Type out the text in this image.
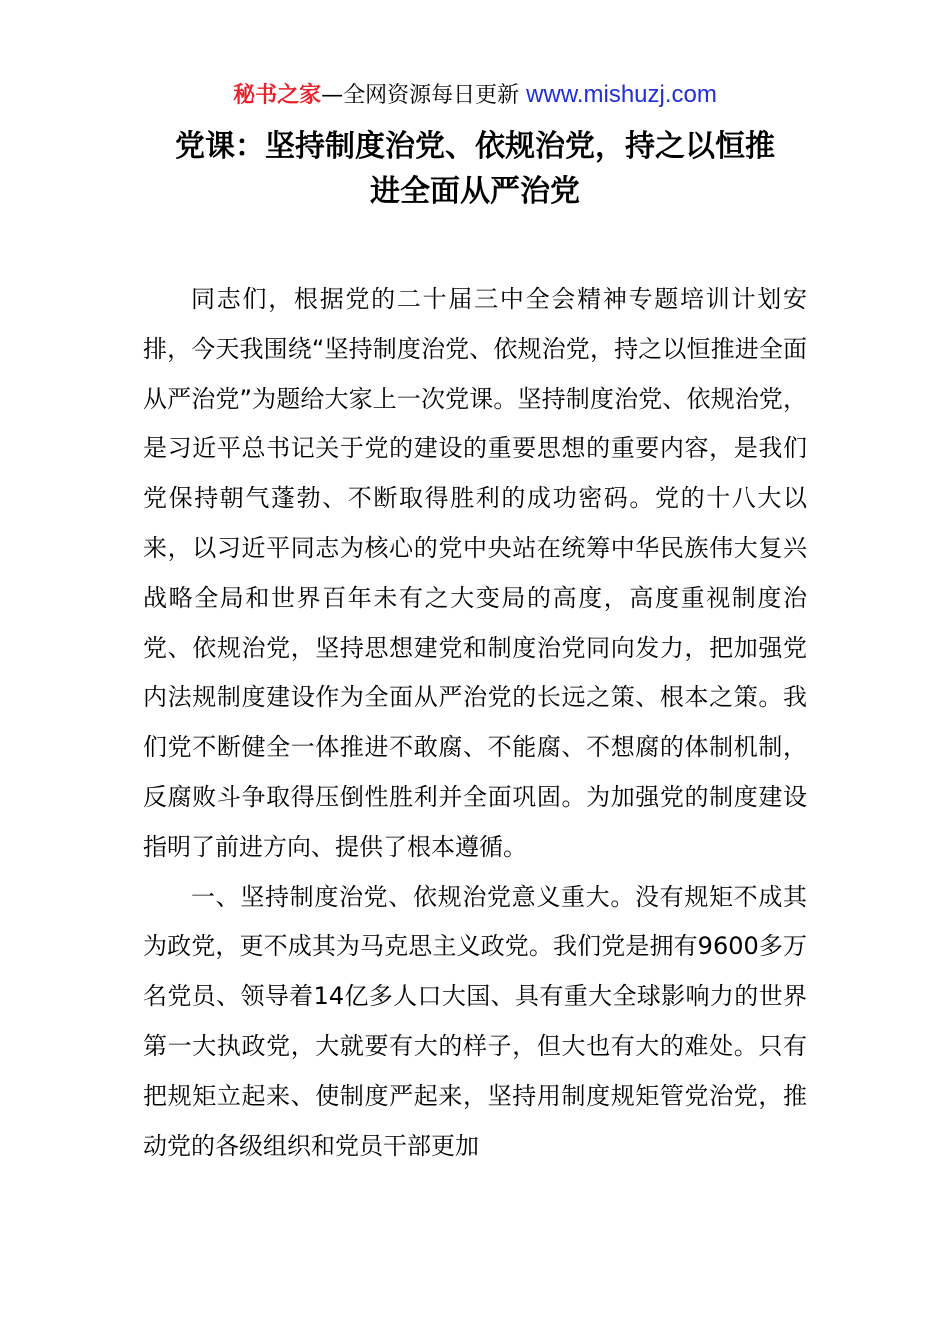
秘书之家—全网资源每日更新 www.mishuzj.com
党课：坚持制度治党、依规治党，持之以恒推
进全面从严治党

同志们，根据党的二十届三中全会精神专题培训计划安排，今天我围绕“坚持制度治党、依规治党，持之以恒推进全面从严治党”为题给大家上一次党课。坚持制度治党、依规治党，是习近平总书记关于党的建设的重要思想的重要内容，是我们党保持朝气蓬勃、不断取得胜利的成功密码。党的十八大以来，以习近平同志为核心的党中央站在统筹中华民族伟大复兴战略全局和世界百年未有之大变局的高度，高度重视制度治党、依规治党，坚持思想建党和制度治党同向发力，把加强党内法规制度建设作为全面从严治党的长远之策、根本之策。我们党不断健全一体推进不敢腐、不能腐、不想腐的体制机制，反腐败斗争取得压倒性胜利并全面巩固。为加强党的制度建设指明了前进方向、提供了根本遵循。

一、坚持制度治党、依规治党意义重大。没有规矩不成其为政党，更不成其为马克思主义政党。我们党是拥有9600多万名党员、领导着14亿多人口大国、具有重大全球影响力的世界第一大执政党，大就要有大的样子，但大也有大的难处。只有把规矩立起来、使制度严起来，坚持用制度规矩管党治党，推动党的各级组织和党员干部更加
